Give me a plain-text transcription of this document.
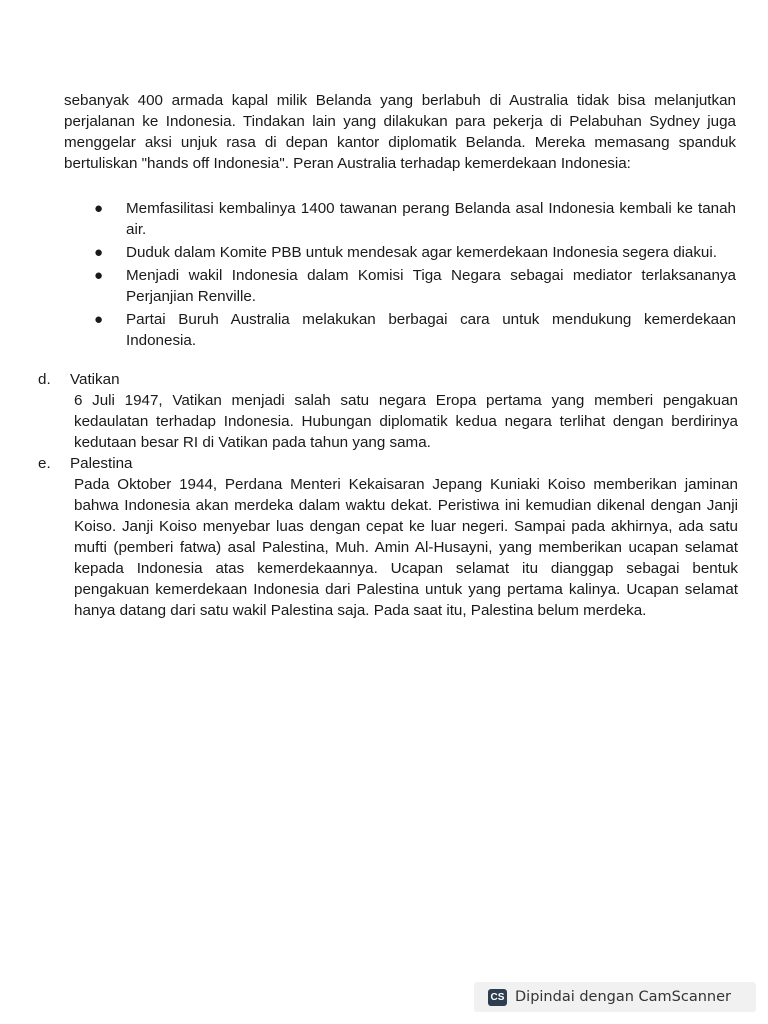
sebanyak 400 armada kapal milik Belanda yang berlabuh di Australia tidak bisa melanjutkan perjalanan ke Indonesia. Tindakan lain yang dilakukan para pekerja di Pelabuhan Sydney juga menggelar aksi unjuk rasa di depan kantor diplomatik Belanda. Mereka memasang spanduk bertuliskan "hands off Indonesia". Peran Australia terhadap kemerdekaan Indonesia:
● Memfasilitasi kembalinya 1400 tawanan perang Belanda asal Indonesia kembali ke tanah air.
● Duduk dalam Komite PBB untuk mendesak agar kemerdekaan Indonesia segera diakui.
● Menjadi wakil Indonesia dalam Komisi Tiga Negara sebagai mediator terlaksananya Perjanjian Renville.
● Partai Buruh Australia melakukan berbagai cara untuk mendukung kemerdekaan Indonesia.
d.	Vatikan
6 Juli 1947, Vatikan menjadi salah satu negara Eropa pertama yang memberi pengakuan kedaulatan terhadap Indonesia. Hubungan diplomatik kedua negara terlihat dengan berdirinya kedutaan besar RI di Vatikan pada tahun yang sama.
e.	Palestina
Pada Oktober 1944, Perdana Menteri Kekaisaran Jepang Kuniaki Koiso memberikan jaminan bahwa Indonesia akan merdeka dalam waktu dekat. Peristiwa ini kemudian dikenal dengan Janji Koiso. Janji Koiso menyebar luas dengan cepat ke luar negeri. Sampai pada akhirnya, ada satu mufti (pemberi fatwa) asal Palestina, Muh. Amin Al-Husayni, yang memberikan ucapan selamat kepada Indonesia atas kemerdekaannya. Ucapan selamat itu dianggap sebagai bentuk pengakuan kemerdekaan Indonesia dari Palestina untuk yang pertama kalinya. Ucapan selamat hanya datang dari satu wakil Palestina saja. Pada saat itu, Palestina belum merdeka.
CS Dipindai dengan CamScanner
